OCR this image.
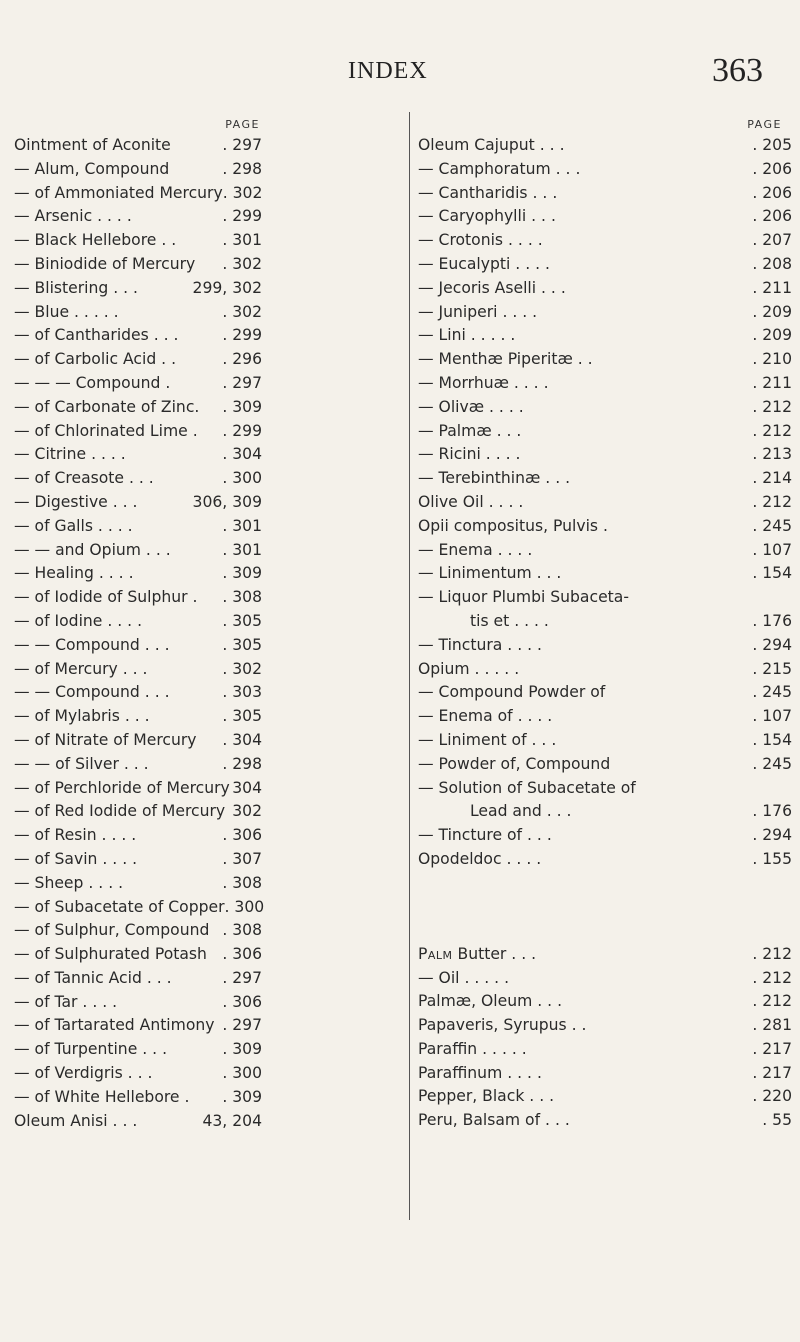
INDEX	363
PAGE
Ointment of Aconite	. 297
— Alum, Compound	. 298
— of Ammoniated Mercury . 302
— Arsenic . . . .	. 299
— Black Hellebore . .	. 301
— Biniodide of Mercury . 302
— Blistering . . .	299, 302
— Blue . . . . .	. 302
— of Cantharides . . .	. 299
— of Carbolic Acid . .	. 296
— — — Compound .	. 297
— of Carbonate of Zinc. . 309
— of Chlorinated Lime . . 299
— Citrine . . . .	. 304
— of Creasote . . .	. 300
— Digestive . . .	306, 309
— of Galls . . . .	. 301
— — and Opium . . .	. 301
— Healing . . . .	. 309
— of Iodide of Sulphur . . 308
— of Iodine . . . .	. 305
— — Compound . . .	. 305
— of Mercury . . .	. 302
— — Compound . . .	. 303
— of Mylabris . . .	. 305
— of Nitrate of Mercury . 304
— — of Silver . . .	. 298
— of Perchloride of Mercury 304
— of Red Iodide of Mercury 302
— of Resin . . . .	. 306
— of Savin . . . .	. 307
— Sheep . . . .	. 308
— of Subacetate of Copper . 300
— of Sulphur, Compound . 308
— of Sulphurated Potash . 306
— of Tannic Acid . . .	. 297
— of Tar . . . .	. 306
— of Tartarated Antimony . 297
— of Turpentine . . .	. 309
— of Verdigris . . .	. 300
— of White Hellebore . . 309
Oleum Anisi . . .	43, 204
PAGE
Oleum Cajuput . . .	. 205
— Camphoratum . . .	. 206
— Cantharidis . . .	. 206
— Caryophylli . . .	. 206
— Crotonis . . . .	. 207
— Eucalypti . . . .	. 208
— Jecoris Aselli . . .	. 211
— Juniperi . . . .	. 209
— Lini . . . . .	. 209
— Menthæ Piperitæ . .	. 210
— Morrhuæ . . . .	. 211
— Olivæ . . . .	. 212
— Palmæ . . .	. 212
— Ricini . . . .	. 213
— Terebinthinæ . . .	. 214
Olive Oil . . . .	. 212
Opii compositus, Pulvis .	. 245
— Enema . . . .	. 107
— Linimentum . . .	. 154
— Liquor Plumbi Subaceta-
tis et . . . .	. 176
— Tinctura . . . .	. 294
Opium . . . . .	. 215
— Compound Powder of	. 245
— Enema of . . . .	. 107
— Liniment of . . .	. 154
— Powder of, Compound	. 245
— Solution of Subacetate of
Lead and . . .	. 176
— Tincture of . . .	. 294
Opodeldoc . . . .	. 155
Palm Butter . . .	. 212
— Oil . . . . .	. 212
Palmæ, Oleum . . .	. 212
Papaveris, Syrupus . .	. 281
Paraffin . . . . .	. 217
Paraffinum . . . .	. 217
Pepper, Black . . .	. 220
Peru, Balsam of . . .	. 55
